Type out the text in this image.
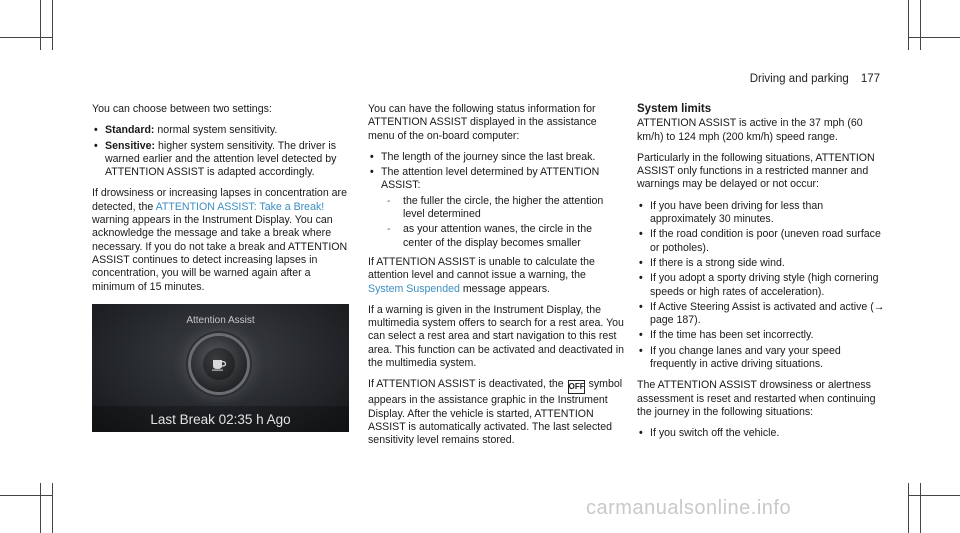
Driving and parking 177

You can choose between two settings:

• Standard: normal system sensitivity.
• Sensitive: higher system sensitivity. The driver is warned earlier and the attention level detected by ATTENTION ASSIST is adapted accordingly.

If drowsiness or increasing lapses in concentration are detected, the ATTENTION ASSIST: Take a Break! warning appears in the Instrument Display. You can acknowledge the message and take a break where necessary. If you do not take a break and ATTENTION ASSIST continues to detect increasing lapses in concentration, you will be warned again after a minimum of 15 minutes.

Attention Assist
Last Break 02:35 h Ago

You can have the following status information for ATTENTION ASSIST displayed in the assistance menu of the on-board computer:

• The length of the journey since the last break.
• The attention level determined by ATTENTION ASSIST:
- the fuller the circle, the higher the attention level determined
- as your attention wanes, the circle in the center of the display becomes smaller

If ATTENTION ASSIST is unable to calculate the attention level and cannot issue a warning, the System Suspended message appears.

If a warning is given in the Instrument Display, the multimedia system offers to search for a rest area. You can select a rest area and start navigation to this rest area. This function can be activated and deactivated in the multimedia system.

If ATTENTION ASSIST is deactivated, the OFF symbol appears in the assistance graphic in the Instrument Display. After the vehicle is started, ATTENTION ASSIST is automatically activated. The last selected sensitivity level remains stored.

System limits

ATTENTION ASSIST is active in the 37 mph (60 km/h) to 124 mph (200 km/h) speed range.

Particularly in the following situations, ATTENTION ASSIST only functions in a restricted manner and warnings may be delayed or not occur:

• If you have been driving for less than approximately 30 minutes.
• If the road condition is poor (uneven road surface or potholes).
• If there is a strong side wind.
• If you adopt a sporty driving style (high cornering speeds or high rates of acceleration).
• If Active Steering Assist is activated and active (→ page 187).
• If the time has been set incorrectly.
• If you change lanes and vary your speed frequently in active driving situations.

The ATTENTION ASSIST drowsiness or alertness assessment is reset and restarted when continuing the journey in the following situations:

• If you switch off the vehicle.
carmanualsonline.info
